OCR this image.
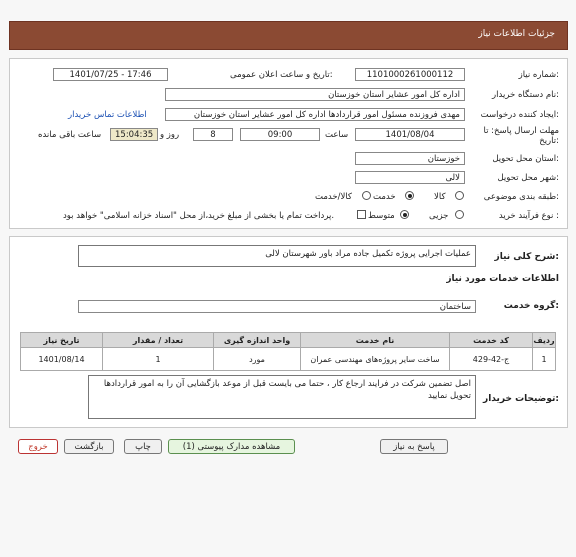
جزئیات اطلاعات نیاز
شماره نیاز:
1101000261000112
تاریخ و ساعت اعلان عمومی:
1401/07/25 - 17:46
نام دستگاه خریدار:
اداره کل امور عشایر استان خوزستان
ایجاد کننده درخواست:
مهدی فروزنده مسئول امور قراردادها اداره کل امور عشایر استان خوزستان
اطلاعات تماس خریدار
مهلت ارسال پاسخ: تا
تاریخ:
1401/08/04
ساعت
09:00
8
روز و
15:04:35
ساعت باقی مانده
استان محل تحویل:
خوزستان
شهر محل تحویل:
لالی
طبقه بندی موضوعی:
کالا
خدمت
کالا/خدمت
نوع فرآیند خرید :
جزیی
متوسط
پرداخت تمام یا بخشی از مبلغ خرید،از محل "اسناد خزانه اسلامی" خواهد بود.
شرح کلی نیاز:
عملیات اجرایی پروژه تکمیل جاده مراد باور شهرستان لالی
اطلاعات خدمات مورد نیاز
گروه خدمت:
ساختمان
ردیف	کد خدمت	نام خدمت	واحد اندازه گیری	تعداد / مقدار	تاریخ نیاز
1	ج-42-429	ساخت سایر پروژه‌های مهندسی عمران	مورد	1	1401/08/14
توضیحات خریدار:
اصل تضمین شرکت در فرایند ارجاع کار ، حتما می بایست قبل از موعد بازگشایی آن را به امور قراردادها تحویل نمایید
پاسخ به نیاز
مشاهده مدارک پیوستی (1)
چاپ
بازگشت
خروج
